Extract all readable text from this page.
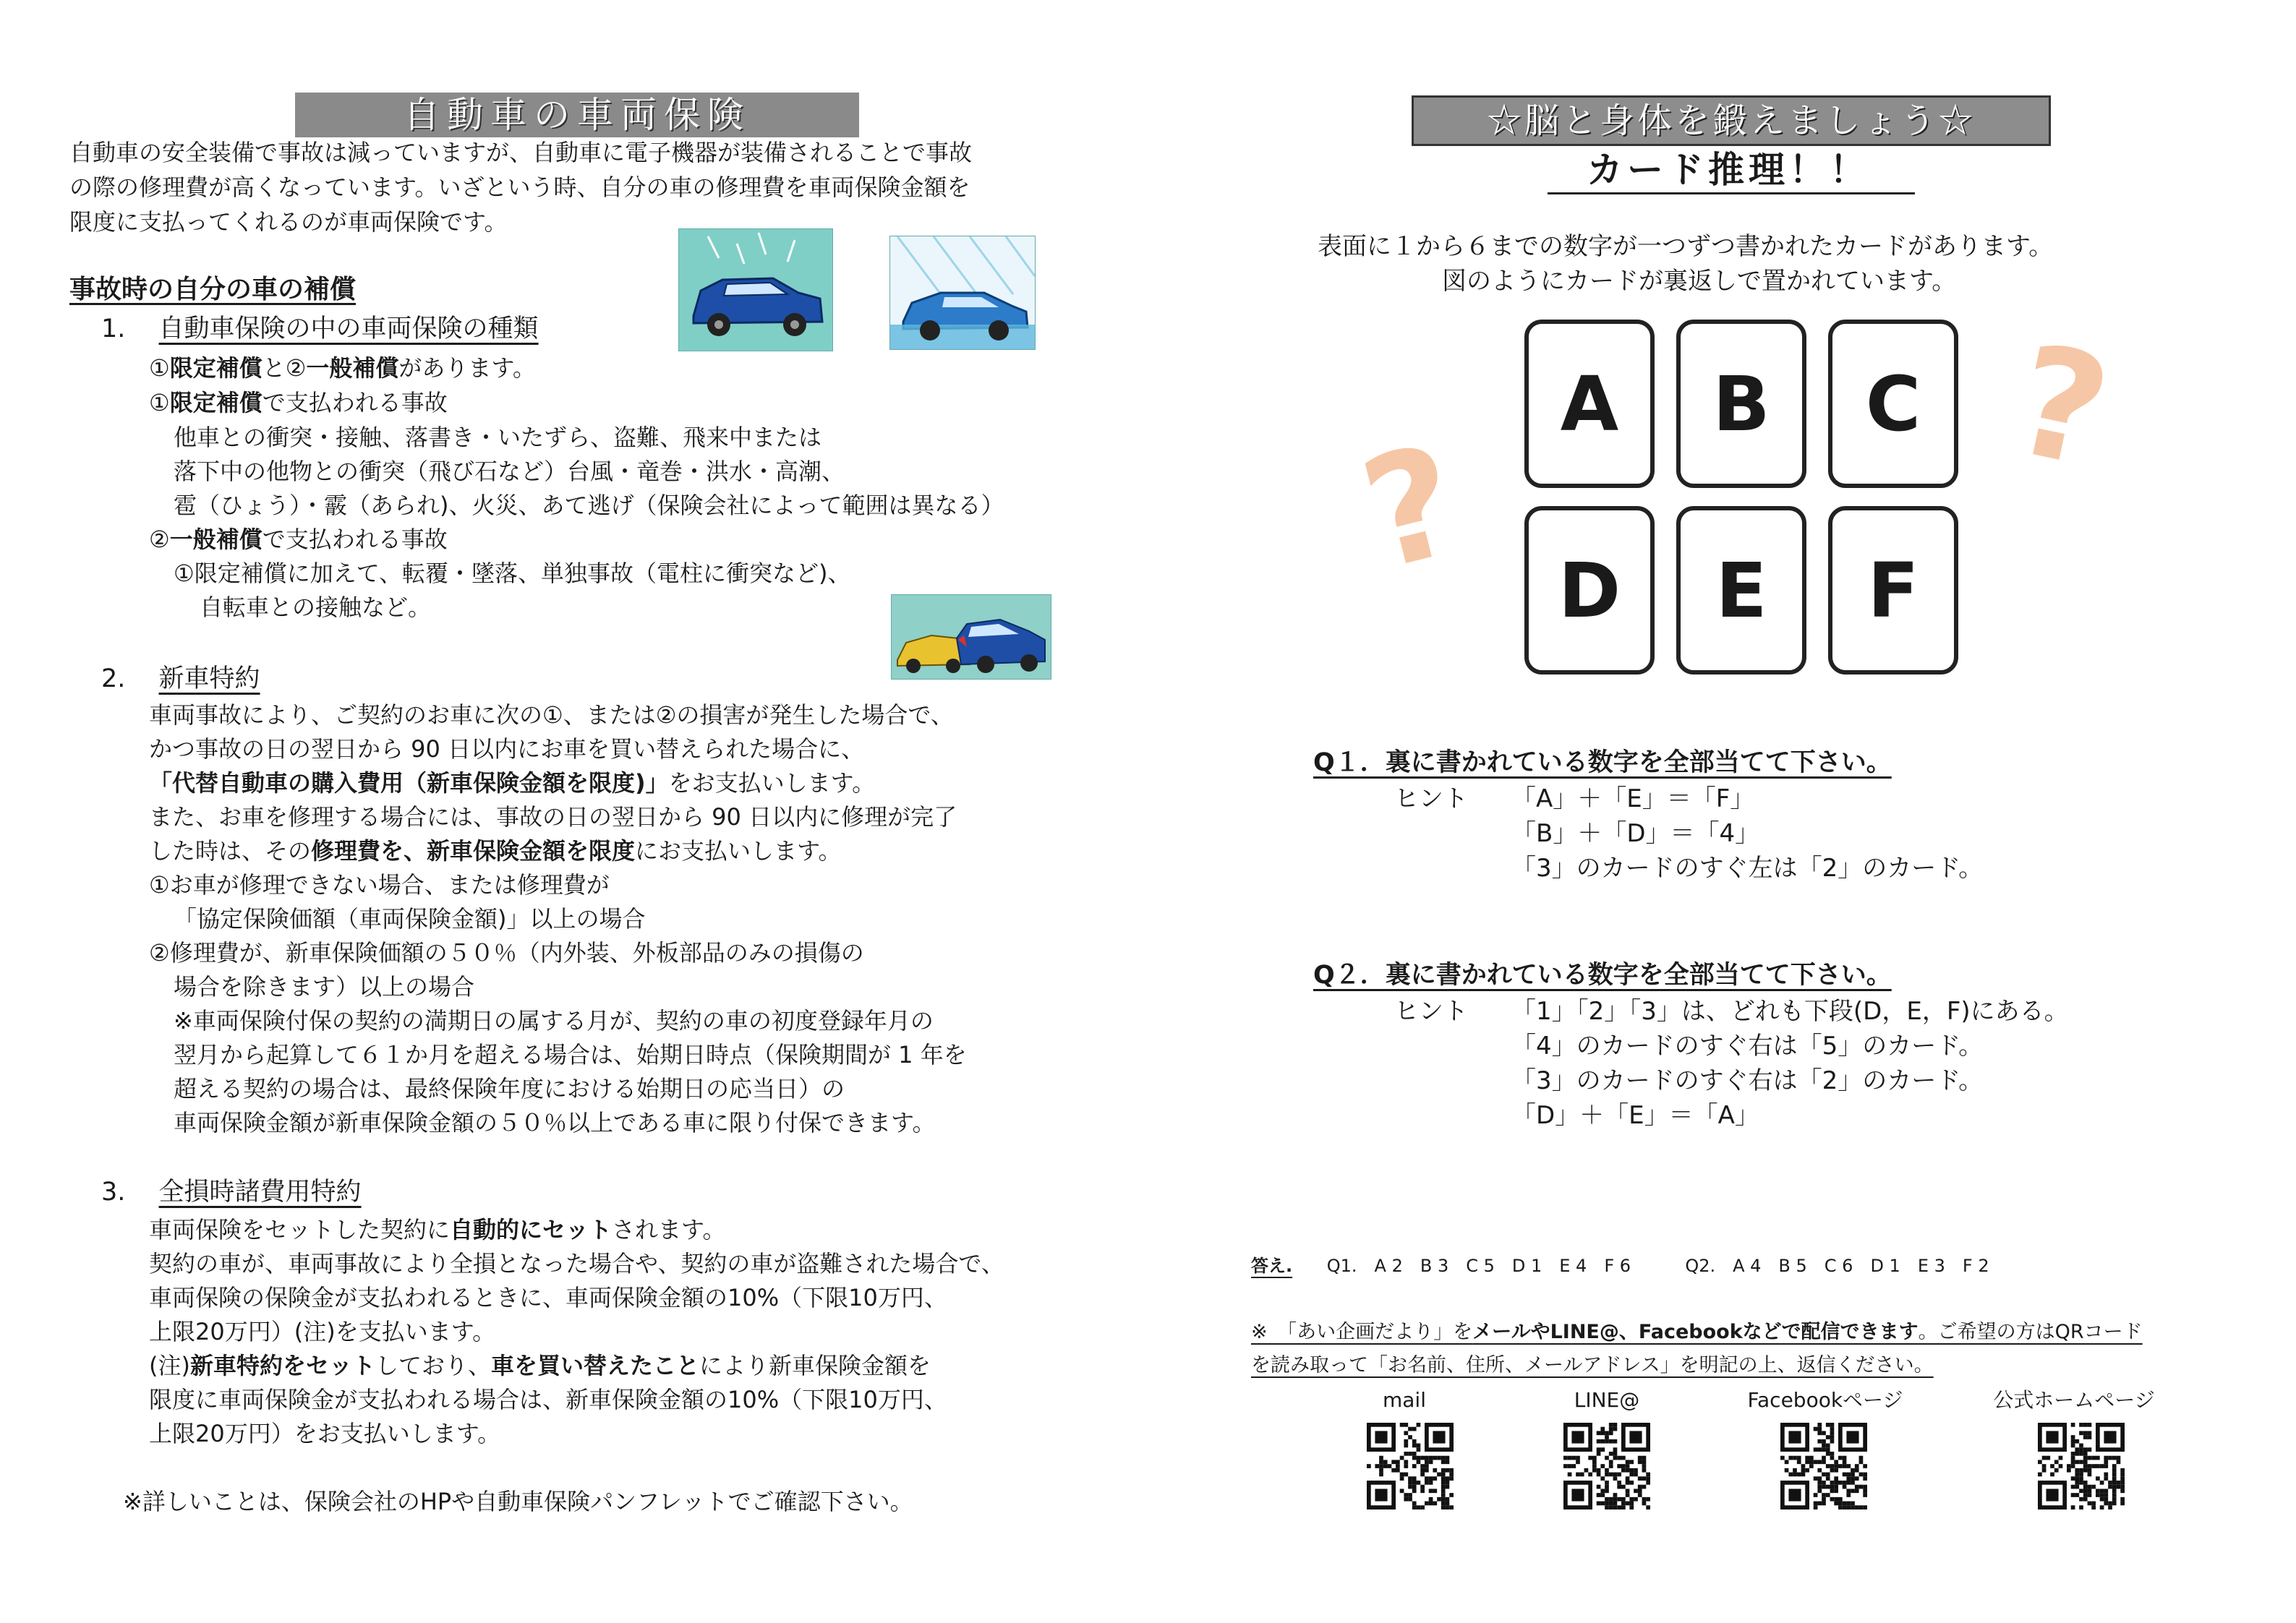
自動車の車両保険
自動車の安全装備で事故は減っていますが、自動車に電子機器が装備されることで事故
の際の修理費が高くなっています。いざという時、自分の車の修理費を車両保険金額を
限度に支払ってくれるのが車両保険です。
事故時の自分の車の補償
1.　 自動車保険の中の車両保険の種類
①限定補償と②一般補償があります。
①限定補償で支払われる事故
他車との衝突・接触、落書き・いたずら、盗難、飛来中または
落下中の他物との衝突（飛び石など）台風・竜巻・洪水・高潮、
雹（ひょう）・霰（あられ)、火災、あて逃げ（保険会社によって範囲は異なる）
②一般補償で支払われる事故
①限定補償に加えて、転覆・墜落、単独事故（電柱に衝突など)、
自転車との接触など。
2.　 新車特約
車両事故により、ご契約のお車に次の①、または②の損害が発生した場合で、
かつ事故の日の翌日から 90 日以内にお車を買い替えられた場合に、
「代替自動車の購入費用（新車保険金額を限度)」をお支払いします。
また、お車を修理する場合には、事故の日の翌日から 90 日以内に修理が完了
した時は、その修理費を、新車保険金額を限度にお支払いします。
①お車が修理できない場合、または修理費が
「協定保険価額（車両保険金額)」以上の場合
②修理費が、新車保険価額の５０％（内外装、外板部品のみの損傷の
場合を除きます）以上の場合
※車両保険付保の契約の満期日の属する月が、契約の車の初度登録年月の
翌月から起算して６１か月を超える場合は、始期日時点（保険期間が 1 年を
超える契約の場合は、最終保険年度における始期日の応当日）の
車両保険金額が新車保険金額の５０％以上である車に限り付保できます。
3.　 全損時諸費用特約
車両保険をセットした契約に自動的にセットされます。
契約の車が、車両事故により全損となった場合や、契約の車が盗難された場合で、
車両保険の保険金が支払われるときに、車両保険金額の10%（下限10万円、
上限20万円）(注)を支払います。
(注)新車特約をセットしており、車を買い替えたことにより新車保険金額を
限度に車両保険金が支払われる場合は、新車保険金額の10%（下限10万円、
上限20万円）をお支払いします。
※詳しいことは、保険会社のHPや自動車保険パンフレットでご確認下さい。
☆脳と身体を鍛えましょう☆
カード推理！！
表面に１から６までの数字が一つずつ書かれたカードがあります。
図のようにカードが裏返しで置かれています。
?
?
A	B	C
D	E	F
Q１．裏に書かれている数字を全部当てて下さい。
ヒント 「A」＋「E」＝「F」
「B」＋「D」＝「4」
「3」のカードのすぐ左は「2」のカード。
Q２．裏に書かれている数字を全部当てて下さい。
ヒント 「1」「2」「3」は、どれも下段(D，E，F)にある。
「4」のカードのすぐ右は「5」のカード。
「3」のカードのすぐ右は「2」のカード。
「D」＋「E」＝「A」
答え. Q1.　A 2　B 3　C 5　D 1　E 4　F 6	Q2.　A 4　B 5　C 6　D 1　E 3　F 2
※　「あい企画だより」をメールやLINE@、Facebookなどで配信できます。ご希望の方はQRコード
を読み取って「お名前、住所、メールアドレス」を明記の上、返信ください。
mail	LINE@	Facebookページ	公式ホームページ
